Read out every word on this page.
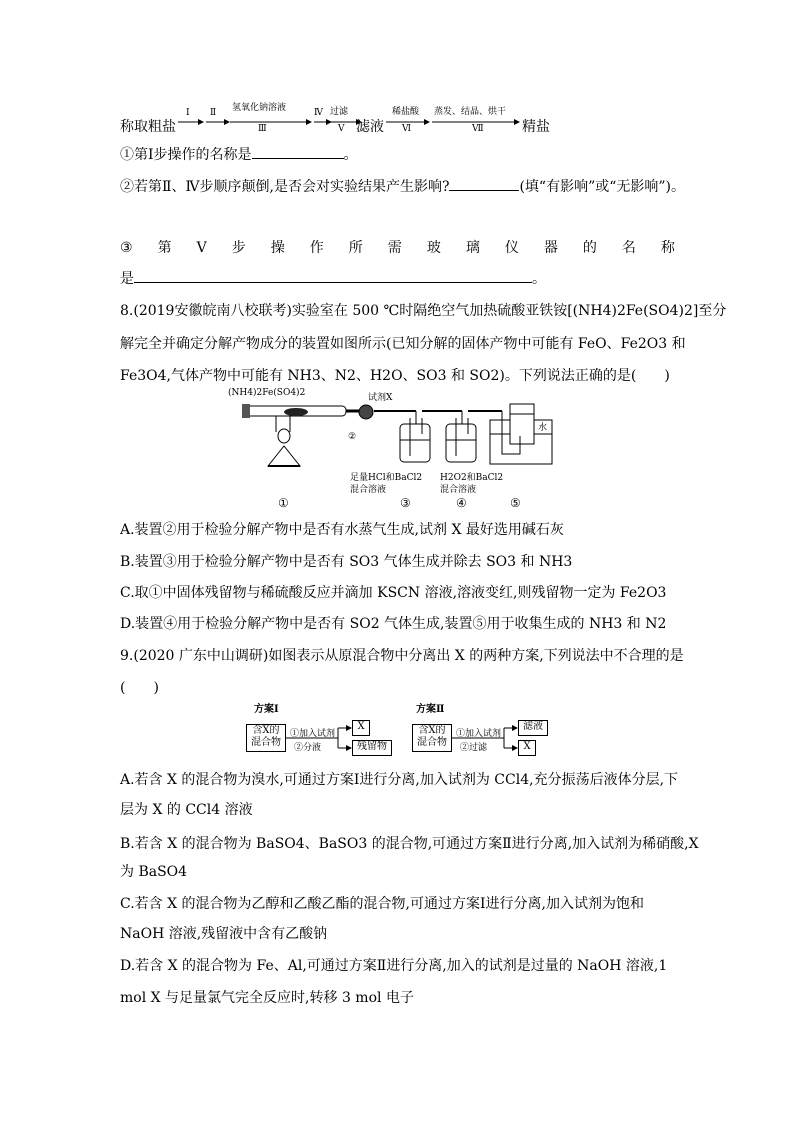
称取粗盐
Ⅰ Ⅱ 氢氧化钠溶液
Ⅲ
Ⅳ 过滤
Ⅴ 滤液
稀盐酸
Ⅵ
蒸发、结晶、烘干
Ⅶ	精盐
①第Ⅰ步操作的名称是	。
②若第Ⅱ、Ⅳ步顺序颠倒,是否会对实验结果产生影响?	(填“有影响”或“无影响”)。
③ 第 Ⅴ 步 操 作 所 需 玻 璃 仪 器 的 名 称
是	。
8.(2019安徽皖南八校联考)实验室在 500 ℃时隔绝空气加热硫酸亚铁铵[(NH4)2Fe(SO4)2]至分
解完全并确定分解产物成分的装置如图所示(已知分解的固体产物中可能有 FeO、Fe2O3 和
Fe3O4,气体产物中可能有 NH3、N2、H2O、SO3 和 SO2)。下列说法正确的是(　　)
(NH4)2Fe(SO4)2	试剂X
水
②
足量HCl和BaCl2
混合溶液
H2O2和BaCl2
混合溶液
①	③	④	⑤
A.装置②用于检验分解产物中是否有水蒸气生成,试剂 X 最好选用碱石灰
B.装置③用于检验分解产物中是否有 SO3 气体生成并除去 SO3 和 NH3
C.取①中固体残留物与稀硫酸反应并滴加 KSCN 溶液,溶液变红,则残留物一定为 Fe2O3
D.装置④用于检验分解产物中是否有 SO2 气体生成,装置⑤用于收集生成的 NH3 和 N2
9.(2020 广东中山调研)如图表示从原混合物中分离出 X 的两种方案,下列说法中不合理的是
(　　)
方案Ⅰ
含X的
混合物
①加入试剂
②分液
X
残留物
方案Ⅱ
含X的
混合物
①加入试剂
②过滤
滤液
X
A.若含 X 的混合物为溴水,可通过方案Ⅰ进行分离,加入试剂为 CCl4,充分振荡后液体分层,下
层为 X 的 CCl4 溶液
B.若含 X 的混合物为 BaSO4、BaSO3 的混合物,可通过方案Ⅱ进行分离,加入试剂为稀硝酸,X
为 BaSO4
C.若含 X 的混合物为乙醇和乙酸乙酯的混合物,可通过方案Ⅰ进行分离,加入试剂为饱和
NaOH 溶液,残留液中含有乙酸钠
D.若含 X 的混合物为 Fe、Al,可通过方案Ⅱ进行分离,加入的试剂是过量的 NaOH 溶液,1
mol X 与足量氯气完全反应时,转移 3 mol 电子
